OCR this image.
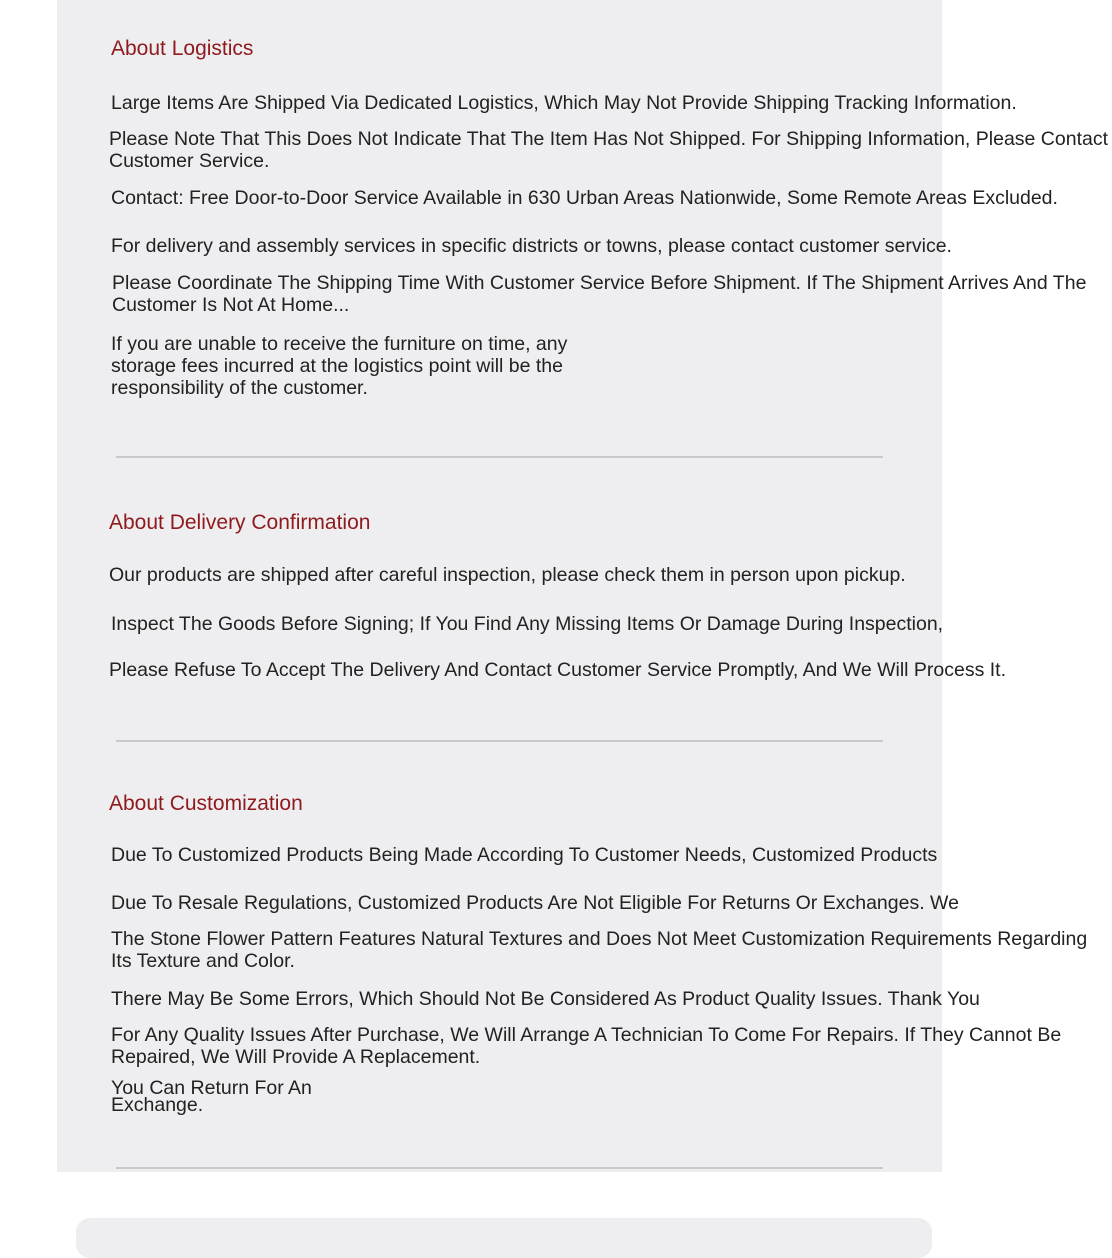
About Logistics

Large Items Are Shipped Via Dedicated Logistics, Which May Not Provide Shipping Tracking Information.

Please Note That This Does Not Indicate That The Item Has Not Shipped. For Shipping Information, Please Contact Customer Service.

Contact: Free Door-to-Door Service Available in 630 Urban Areas Nationwide, Some Remote Areas Excluded.

For delivery and assembly services in specific districts or towns, please contact customer service.

Please Coordinate The Shipping Time With Customer Service Before Shipment. If The Shipment Arrives And The Customer Is Not At Home...

If you are unable to receive the furniture on time, any storage fees incurred at the logistics point will be the responsibility of the customer.

About Delivery Confirmation

Our products are shipped after careful inspection, please check them in person upon pickup.

Inspect The Goods Before Signing; If You Find Any Missing Items Or Damage During Inspection,

Please Refuse To Accept The Delivery And Contact Customer Service Promptly, And We Will Process It.

About Customization

Due To Customized Products Being Made According To Customer Needs, Customized Products

Due To Resale Regulations, Customized Products Are Not Eligible For Returns Or Exchanges. We

The Stone Flower Pattern Features Natural Textures and Does Not Meet Customization Requirements Regarding Its Texture and Color.

There May Be Some Errors, Which Should Not Be Considered As Product Quality Issues. Thank You

For Any Quality Issues After Purchase, We Will Arrange A Technician To Come For Repairs. If They Cannot Be Repaired, We Will Provide A Replacement.

You Can Return For An

Exchange.
